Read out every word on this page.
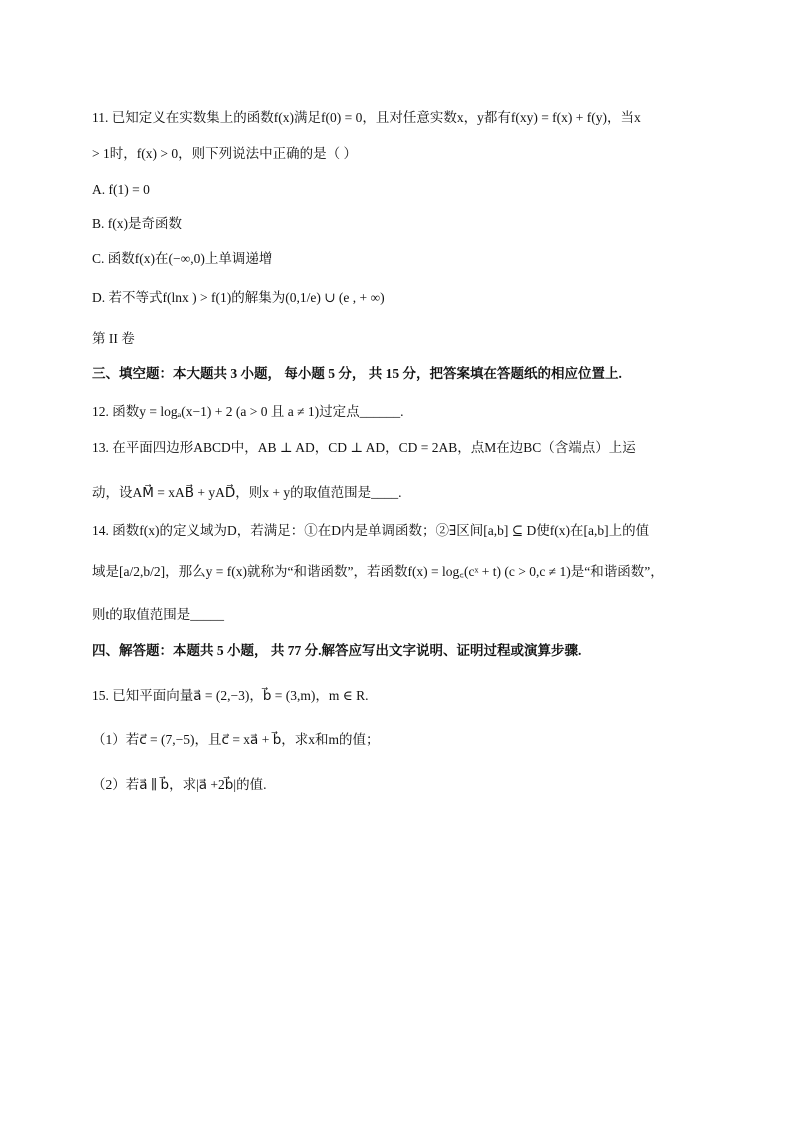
11. 已知定义在实数集上的函数f(x)满足f(0) = 0，且对任意实数x，y都有f(xy) = f(x) + f(y)，当x
> 1时，f(x) > 0，则下列说法中正确的是（ ）
A. f(1) = 0
B. f(x)是奇函数
C. 函数f(x)在(−∞,0)上单调递增
D. 若不等式f(lnx ) > f(1)的解集为(0,1/e) ∪ (e , + ∞)
第 II 卷
三、填空题：本大题共 3 小题， 每小题 5 分， 共 15 分，把答案填在答题纸的相应位置上.
12. 函数y = logₐ(x−1) + 2 (a > 0 且 a ≠ 1)过定点______.
13. 在平面四边形ABCD中，AB ⊥ AD，CD ⊥ AD，CD = 2AB，点M在边BC（含端点）上运
动，设AM⃗ = xAB⃗ + yAD⃗，则x + y的取值范围是____.
14. 函数f(x)的定义域为D，若满足：①在D内是单调函数；②∃区间[a,b] ⊆ D使f(x)在[a,b]上的值
域是[a/2,b/2]，那么y = f(x)就称为“和谐函数”，若函数f(x) = log꜀(cˣ + t) (c > 0,c ≠ 1)是“和谐函数”，
则t的取值范围是_____
四、解答题：本题共 5 小题， 共 77 分.解答应写出文字说明、证明过程或演算步骤.
15. 已知平面向量a⃗ = (2,−3)，b⃗ = (3,m)，m ∈ R.
（1）若c⃗ = (7,−5)，且c⃗ = xa⃗ + b⃗，求x和m的值；
（2）若a⃗ ∥ b⃗，求|a⃗ +2b⃗|的值.
